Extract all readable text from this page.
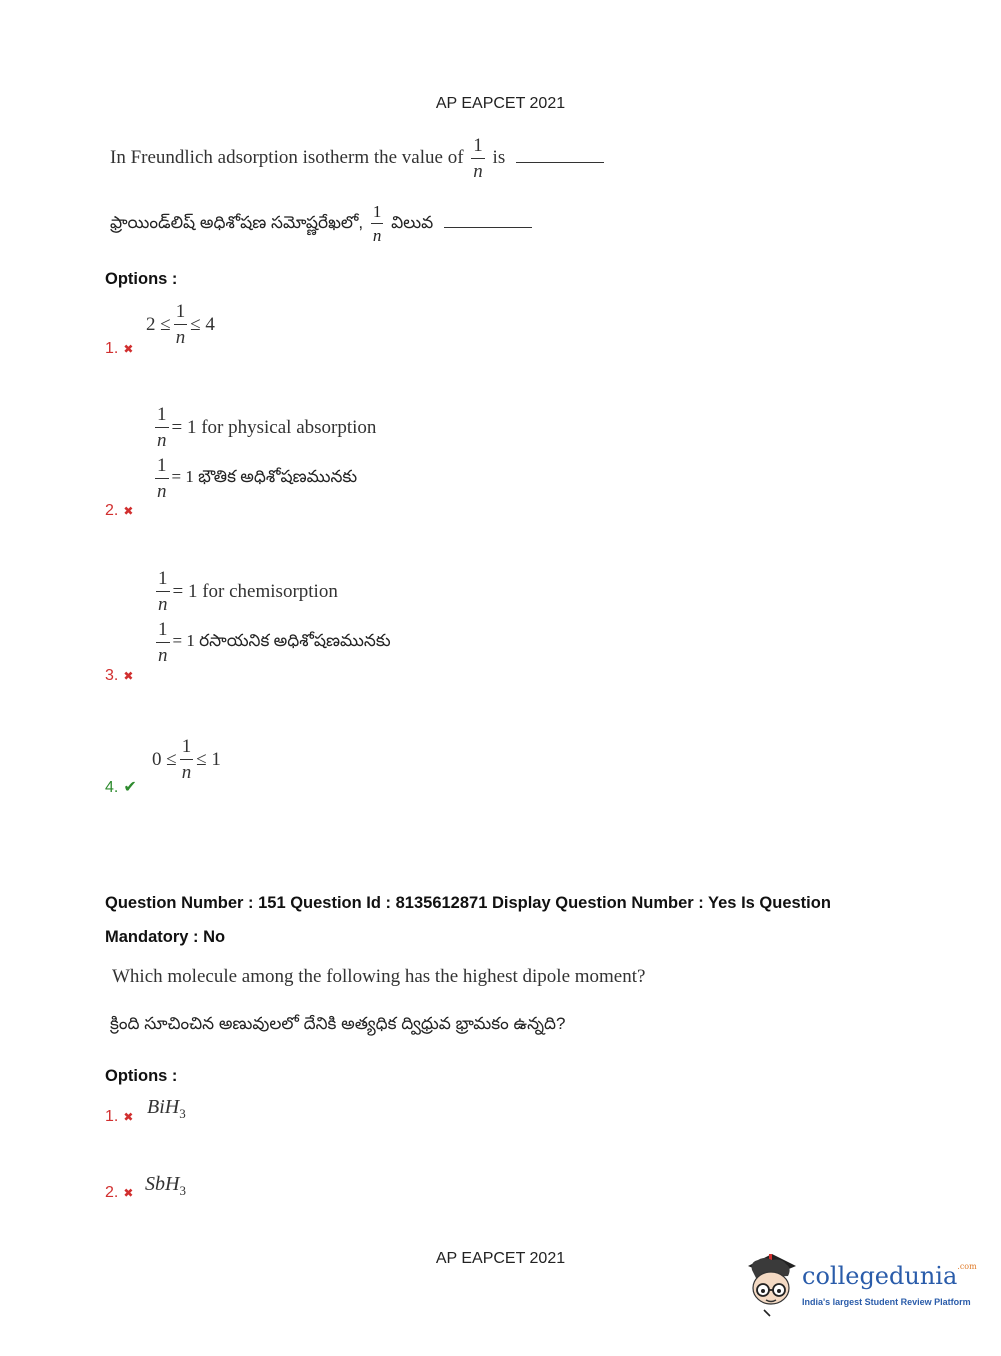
AP EAPCET 2021
In Freundlich adsorption isotherm the value of $\frac{1}{n}$ is
ఫ్రాయిండ్‌లిష్ అధిశోషణ సమోష్ణరేఖలో, $\frac{1}{n}$ విలువ
Options :
$2 \le \frac{1}{n} \le 4$
1. ✖
$\frac{1}{n} = 1$ for physical absorption
$\frac{1}{n} = 1$ భౌతిక అధిశోషణమునకు
2. ✖
$\frac{1}{n} = 1$ for chemisorption
$\frac{1}{n} = 1$ రసాయనిక అధిశోషణమునకు
3. ✖
$0 \le \frac{1}{n} \le 1$
4. ✔
Question Number : 151 Question Id : 8135612871 Display Question Number : Yes Is Question
Mandatory : No
Which molecule among the following has the highest dipole moment?
క్రింది సూచించిన అణువులలో దేనికి అత్యధిక ద్విధ్రువ భ్రామకం ఉన్నది?
Options :
1. ✖ BiH$_3$
2. ✖ SbH$_3$
AP EAPCET 2021
collegedunia$^{.com}$
India's largest Student Review Platform
